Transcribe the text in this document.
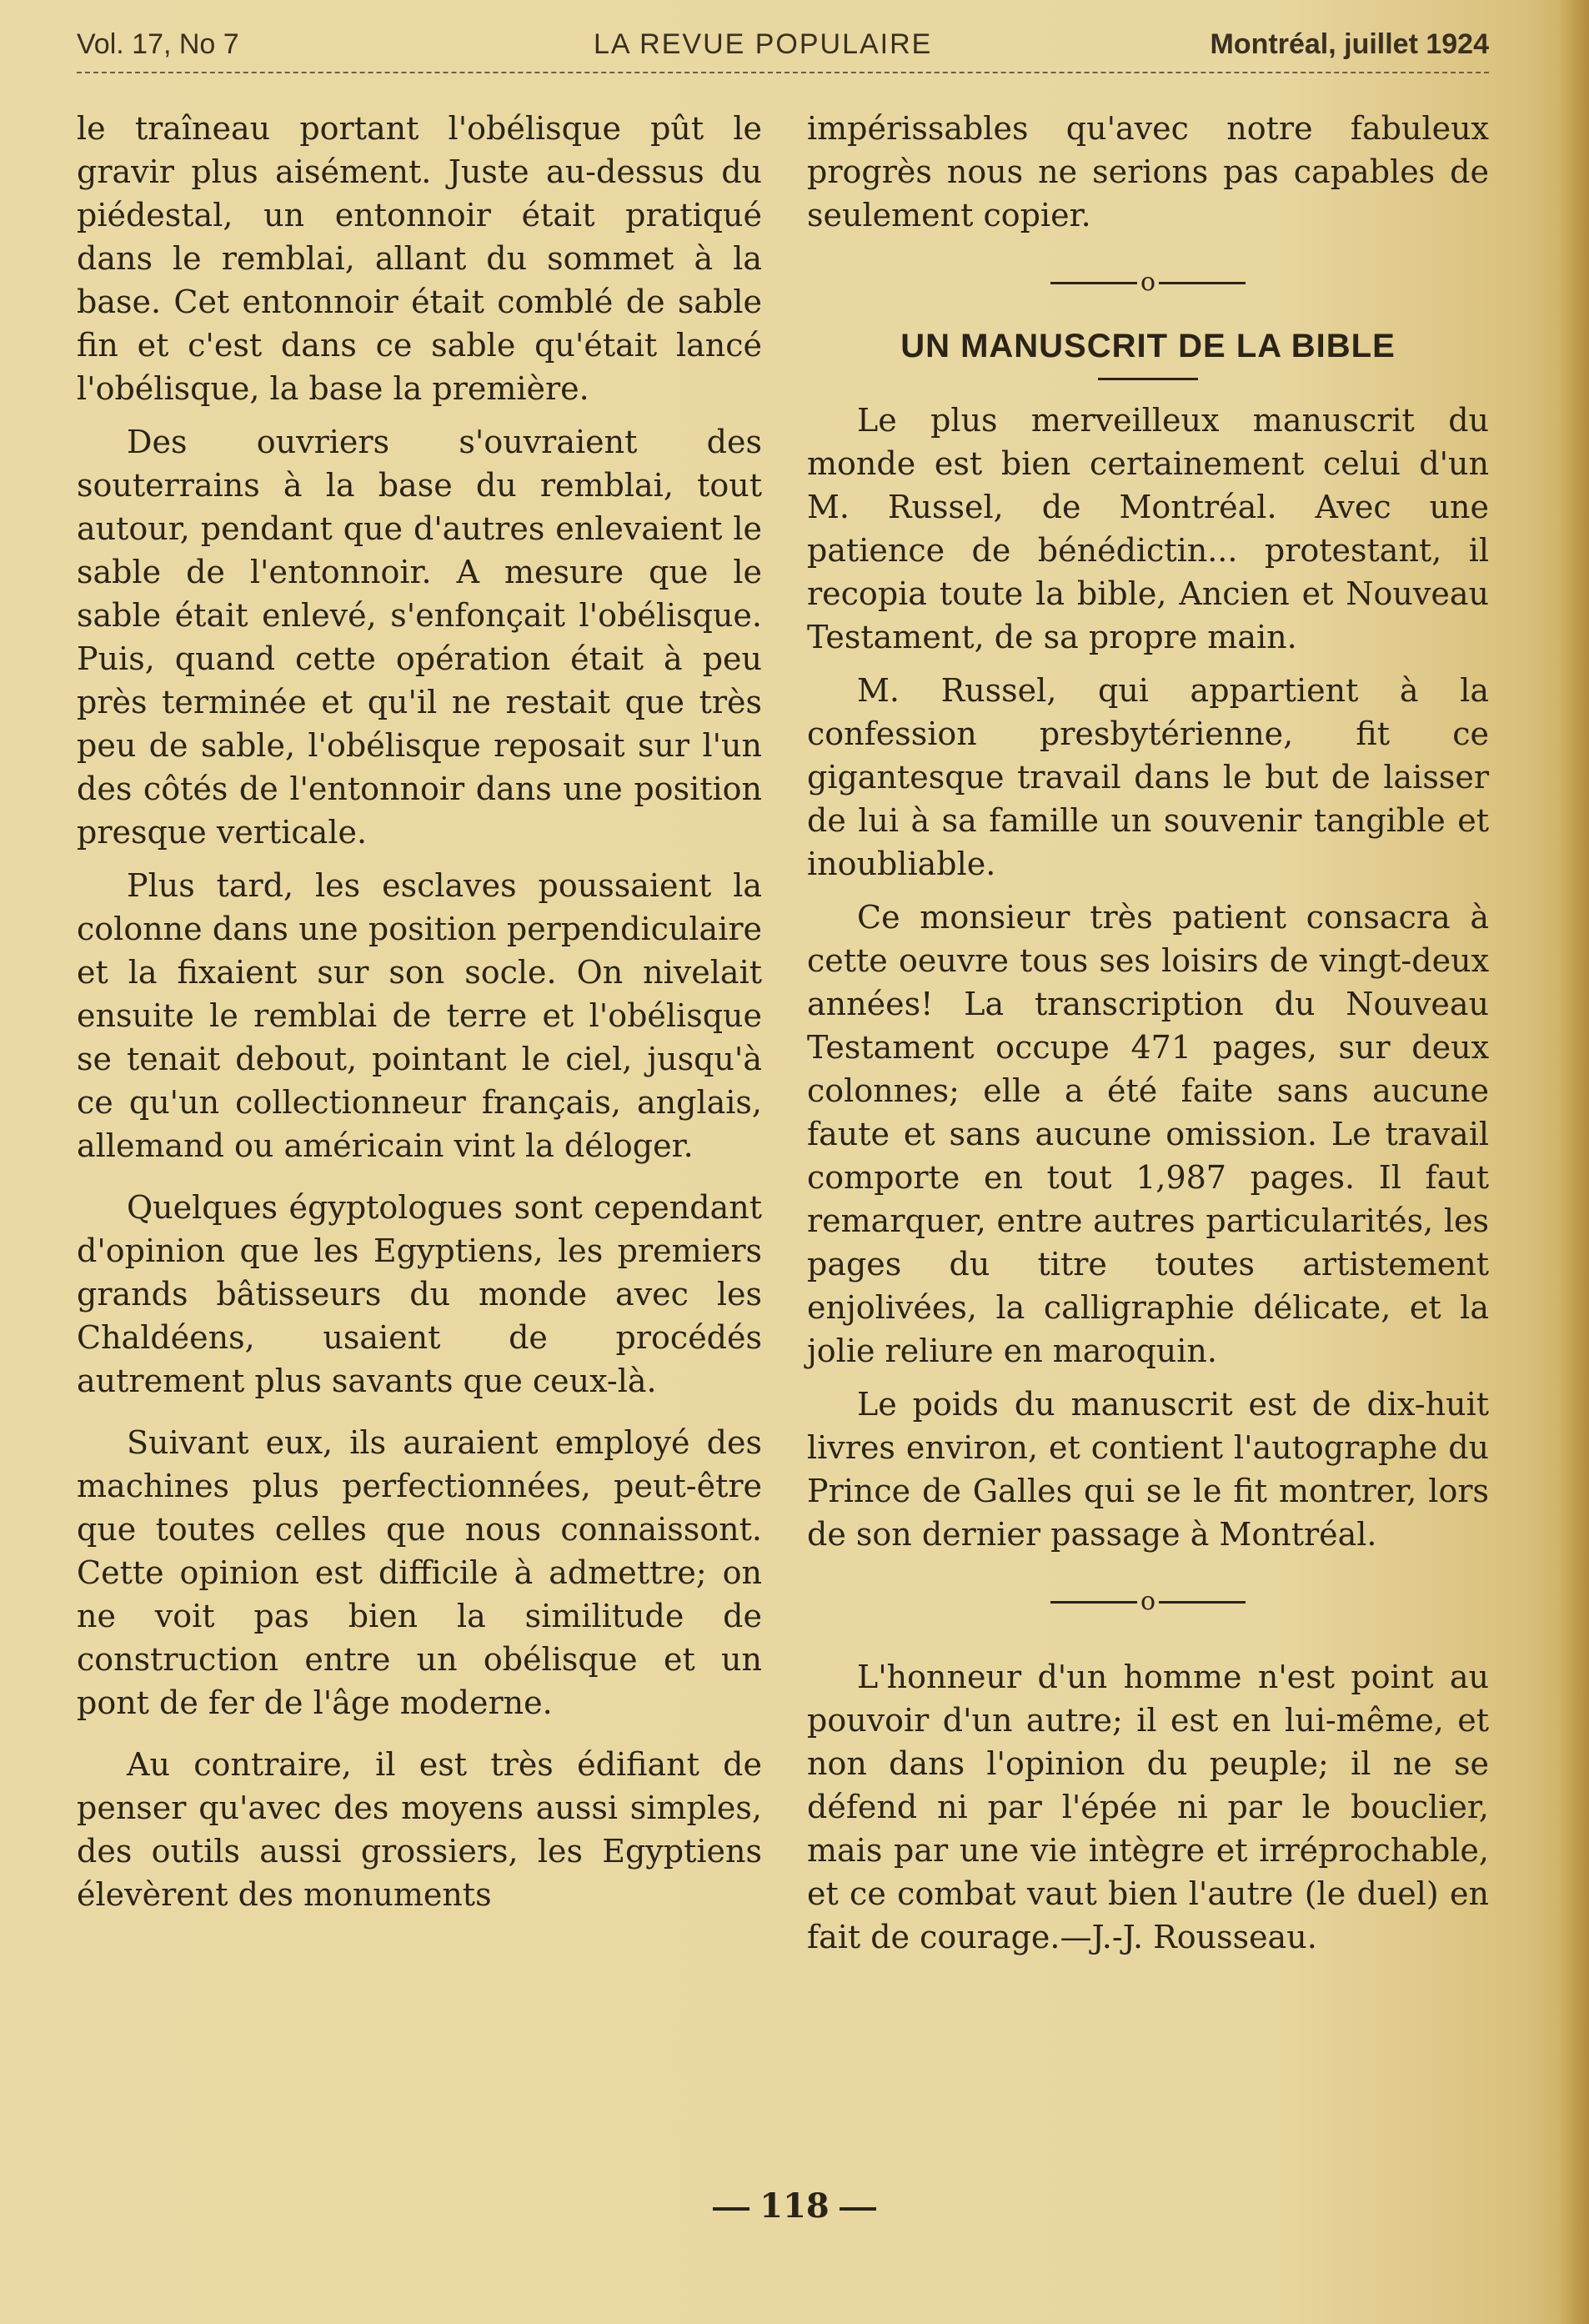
Vol. 17, No 7	LA REVUE POPULAIRE	Montréal, juillet 1924

le traîneau portant l'obélisque pût le gravir plus aisément. Juste au-dessus du piédestal, un entonnoir était pratiqué dans le remblai, allant du sommet à la base. Cet entonnoir était comblé de sable fin et c'est dans ce sable qu'était lancé l'obélisque, la base la première.

Des ouvriers s'ouvraient des souterrains à la base du remblai, tout autour, pendant que d'autres enlevaient le sable de l'entonnoir. A mesure que le sable était enlevé, s'enfonçait l'obélisque. Puis, quand cette opération était à peu près terminée et qu'il ne restait que très peu de sable, l'obélisque reposait sur l'un des côtés de l'entonnoir dans une position presque verticale.

Plus tard, les esclaves poussaient la colonne dans une position perpendiculaire et la fixaient sur son socle. On nivelait ensuite le remblai de terre et l'obélisque se tenait debout, pointant le ciel, jusqu'à ce qu'un collectionneur français, anglais, allemand ou américain vint la déloger.

Quelques égyptologues sont cependant d'opinion que les Egyptiens, les premiers grands bâtisseurs du monde avec les Chaldéens, usaient de procédés autrement plus savants que ceux-là.

Suivant eux, ils auraient employé des machines plus perfectionnées, peut-être que toutes celles que nous connaissont. Cette opinion est difficile à admettre; on ne voit pas bien la similitude de construction entre un obélisque et un pont de fer de l'âge moderne.

Au contraire, il est très édifiant de penser qu'avec des moyens aussi simples, des outils aussi grossiers, les Egyptiens élevèrent des monuments

impérissables qu'avec notre fabuleux progrès nous ne serions pas capables de seulement copier.

o
UN MANUSCRIT DE LA BIBLE

Le plus merveilleux manuscrit du monde est bien certainement celui d'un M. Russel, de Montréal. Avec une patience de bénédictin... protestant, il recopia toute la bible, Ancien et Nouveau Testament, de sa propre main.

M. Russel, qui appartient à la confession presbytérienne, fit ce gigantesque travail dans le but de laisser de lui à sa famille un souvenir tangible et inoubliable.

Ce monsieur très patient consacra à cette oeuvre tous ses loisirs de vingt-deux années! La transcription du Nouveau Testament occupe 471 pages, sur deux colonnes; elle a été faite sans aucune faute et sans aucune omission. Le travail comporte en tout 1,987 pages. Il faut remarquer, entre autres particularités, les pages du titre toutes artistement enjolivées, la calligraphie délicate, et la jolie reliure en maroquin.

Le poids du manuscrit est de dix-huit livres environ, et contient l'autographe du Prince de Galles qui se le fit montrer, lors de son dernier passage à Montréal.

o

L'honneur d'un homme n'est point au pouvoir d'un autre; il est en lui-même, et non dans l'opinion du peuple; il ne se défend ni par l'épée ni par le bouclier, mais par une vie intègre et irréprochable, et ce combat vaut bien l'autre (le duel) en fait de courage.—J.-J. Rousseau.

118
